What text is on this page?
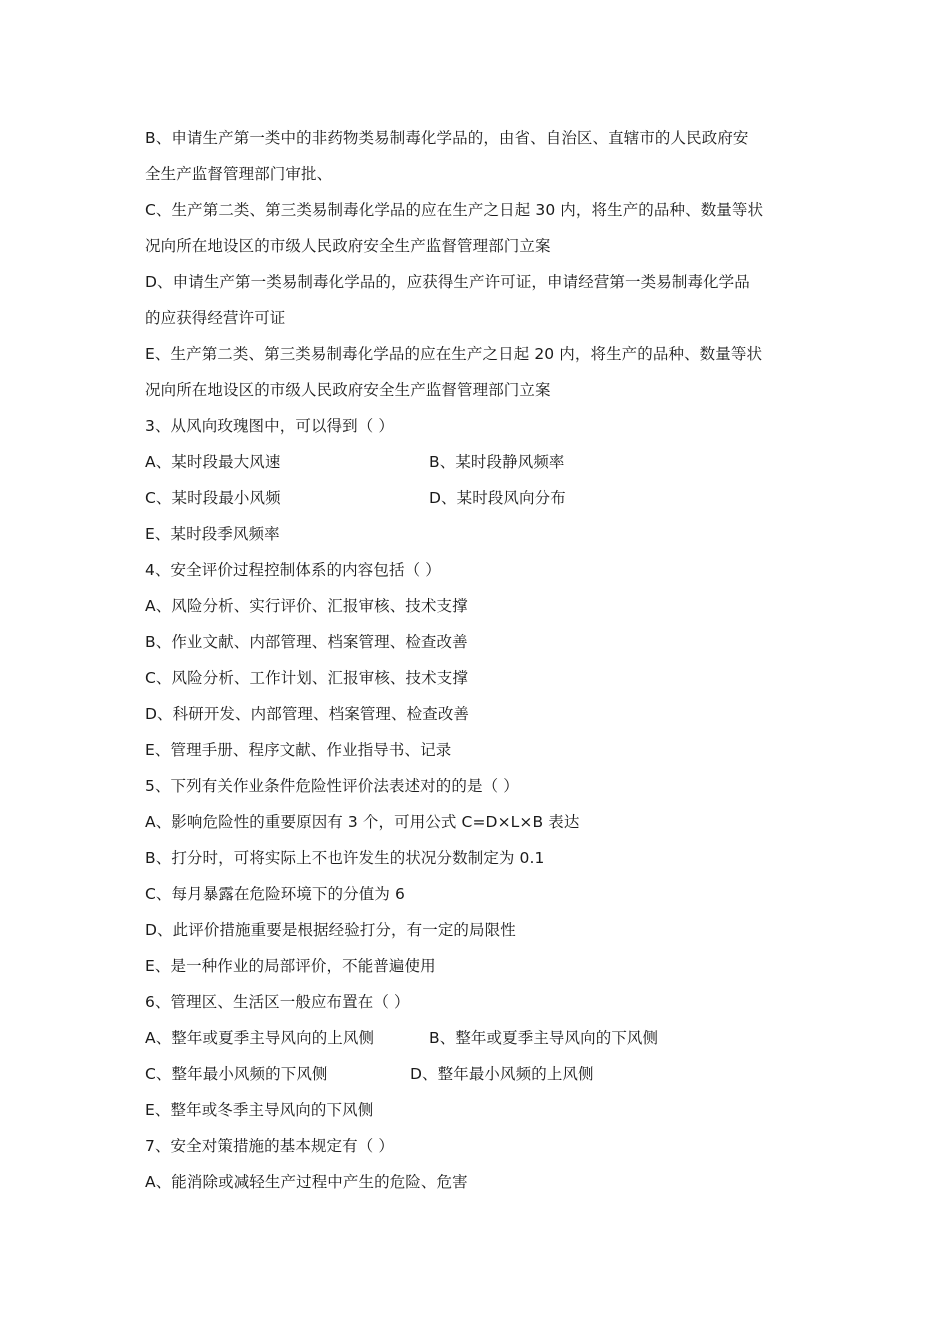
B、申请生产第一类中的非药物类易制毒化学品的，由省、自治区、直辖市的人民政府安
全生产监督管理部门审批、
C、生产第二类、第三类易制毒化学品的应在生产之日起 30 内，将生产的品种、数量等状
况向所在地设区的市级人民政府安全生产监督管理部门立案
D、申请生产第一类易制毒化学品的，应获得生产许可证，申请经营第一类易制毒化学品
的应获得经营许可证
E、生产第二类、第三类易制毒化学品的应在生产之日起 20 内，将生产的品种、数量等状
况向所在地设区的市级人民政府安全生产监督管理部门立案
3、从风向玫瑰图中，可以得到（ ）
A、某时段最大风速	B、某时段静风频率
C、某时段最小风频	D、某时段风向分布
E、某时段季风频率
4、安全评价过程控制体系的内容包括（ ）
A、风险分析、实行评价、汇报审核、技术支撑
B、作业文献、内部管理、档案管理、检查改善
C、风险分析、工作计划、汇报审核、技术支撑
D、科研开发、内部管理、档案管理、检查改善
E、管理手册、程序文献、作业指导书、记录
5、下列有关作业条件危险性评价法表述对的的是（ ）
A、影响危险性的重要原因有 3 个，可用公式 C=D×L×B 表达
B、打分时，可将实际上不也许发生的状况分数制定为 0.1
C、每月暴露在危险环境下的分值为 6
D、此评价措施重要是根据经验打分，有一定的局限性
E、是一种作业的局部评价，不能普遍使用
6、管理区、生活区一般应布置在（ ）
A、整年或夏季主导风向的上风侧	B、整年或夏季主导风向的下风侧
C、整年最小风频的下风侧	D、整年最小风频的上风侧
E、整年或冬季主导风向的下风侧
7、安全对策措施的基本规定有（ ）
A、能消除或减轻生产过程中产生的危险、危害
